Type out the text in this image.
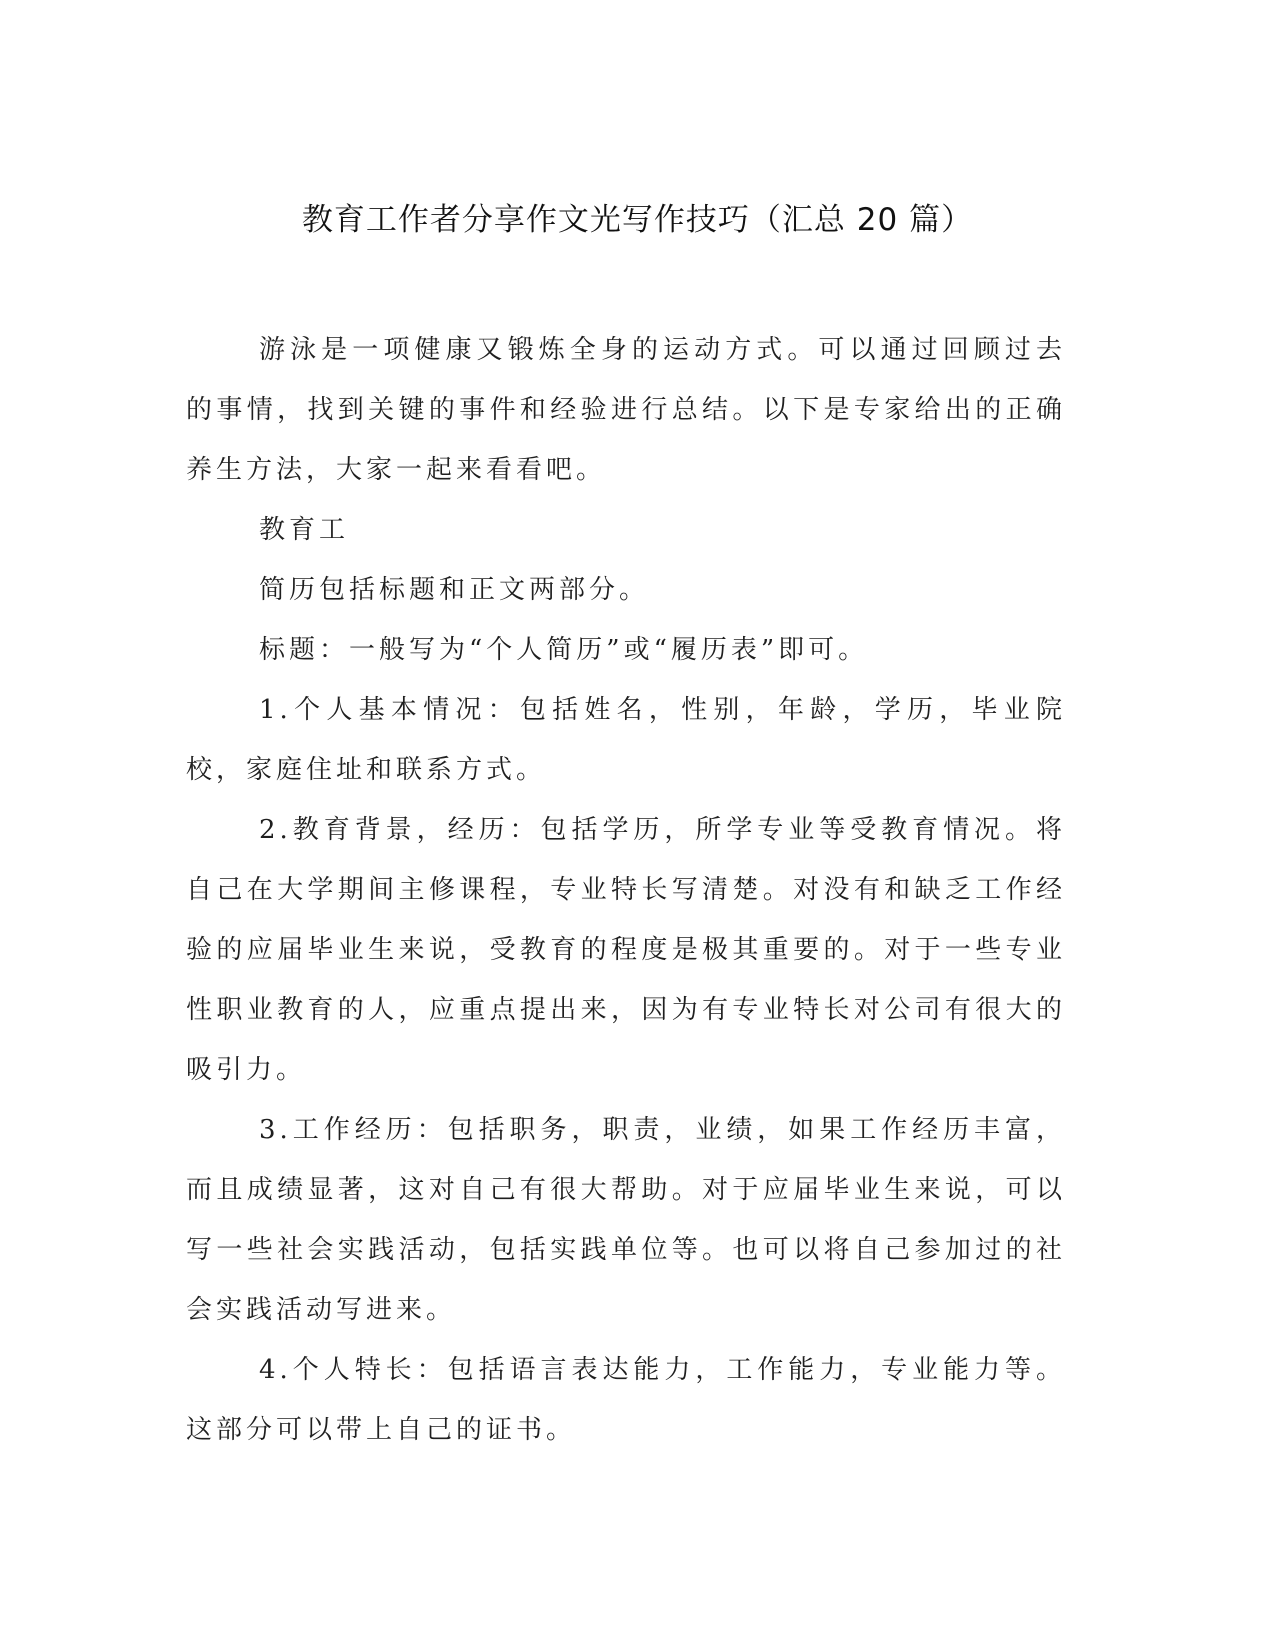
教育工作者分享作文光写作技巧（汇总 20 篇）

游泳是一项健康又锻炼全身的运动方式。可以通过回顾过去的事情，找到关键的事件和经验进行总结。以下是专家给出的正确养生方法，大家一起来看看吧。

教育工

简历包括标题和正文两部分。

标题：一般写为“个人简历”或“履历表”即可。

1.个人基本情况：包括姓名，性别，年龄，学历，毕业院校，家庭住址和联系方式。

2.教育背景，经历：包括学历，所学专业等受教育情况。将自己在大学期间主修课程，专业特长写清楚。对没有和缺乏工作经验的应届毕业生来说，受教育的程度是极其重要的。对于一些专业性职业教育的人，应重点提出来，因为有专业特长对公司有很大的吸引力。

3.工作经历：包括职务，职责，业绩，如果工作经历丰富，而且成绩显著，这对自己有很大帮助。对于应届毕业生来说，可以写一些社会实践活动，包括实践单位等。也可以将自己参加过的社会实践活动写进来。

4.个人特长：包括语言表达能力，工作能力，专业能力等。这部分可以带上自己的证书。
